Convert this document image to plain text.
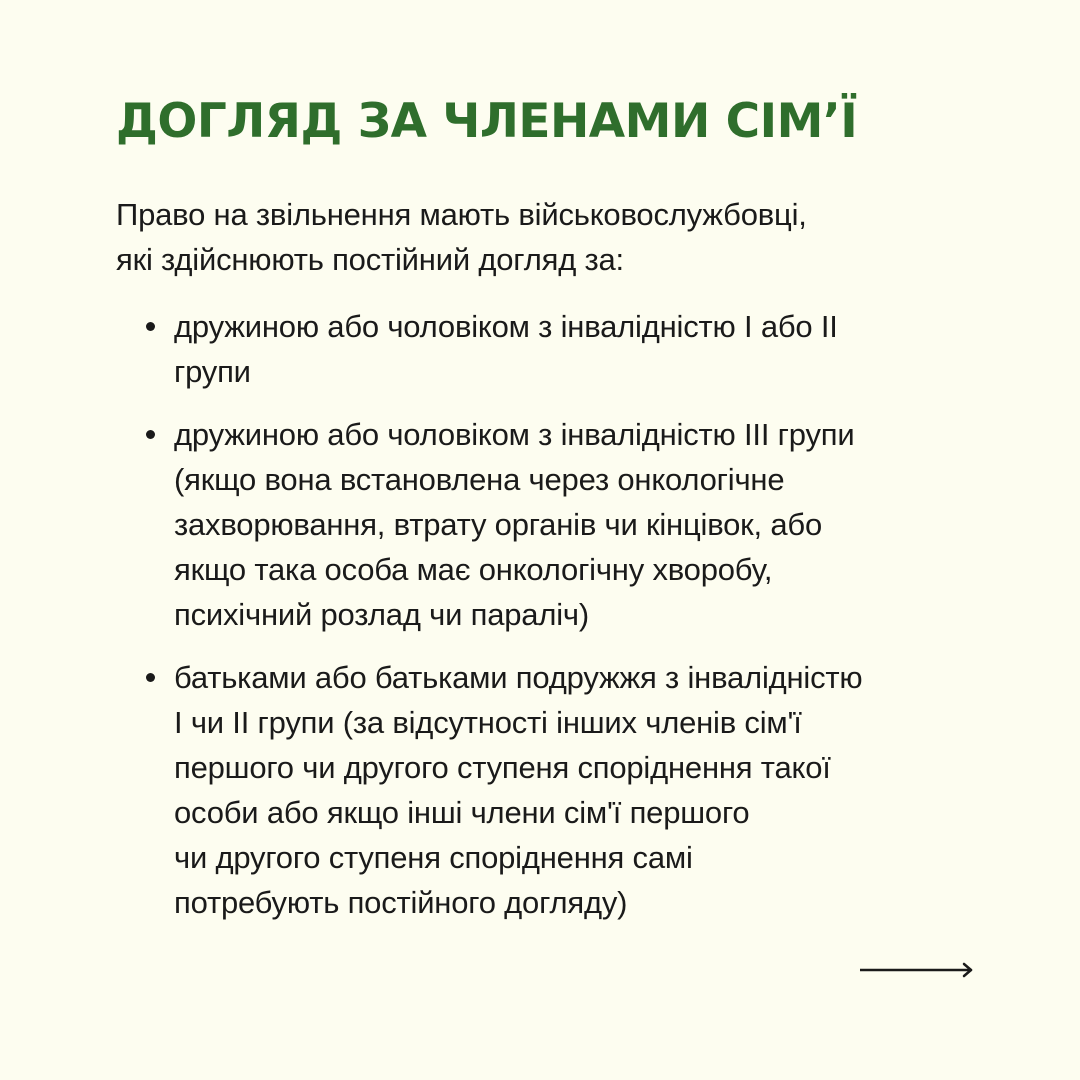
ДОГЛЯД ЗА ЧЛЕНАМИ СІМ’Ї

Право на звільнення мають військовослужбовці,
які здійснюють постійний догляд за:

дружиною або чоловіком з інвалідністю І або ІІ
групи
дружиною або чоловіком з інвалідністю ІІІ групи
(якщо вона встановлена через онкологічне
захворювання, втрату органів чи кінцівок, або
якщо така особа має онкологічну хворобу,
психічний розлад чи параліч)
батьками або батьками подружжя з інвалідністю
І чи ІІ групи (за відсутності інших членів сім'ї
першого чи другого ступеня споріднення такої
особи або якщо інші члени сім'ї першого
чи другого ступеня споріднення самі
потребують постійного догляду)
